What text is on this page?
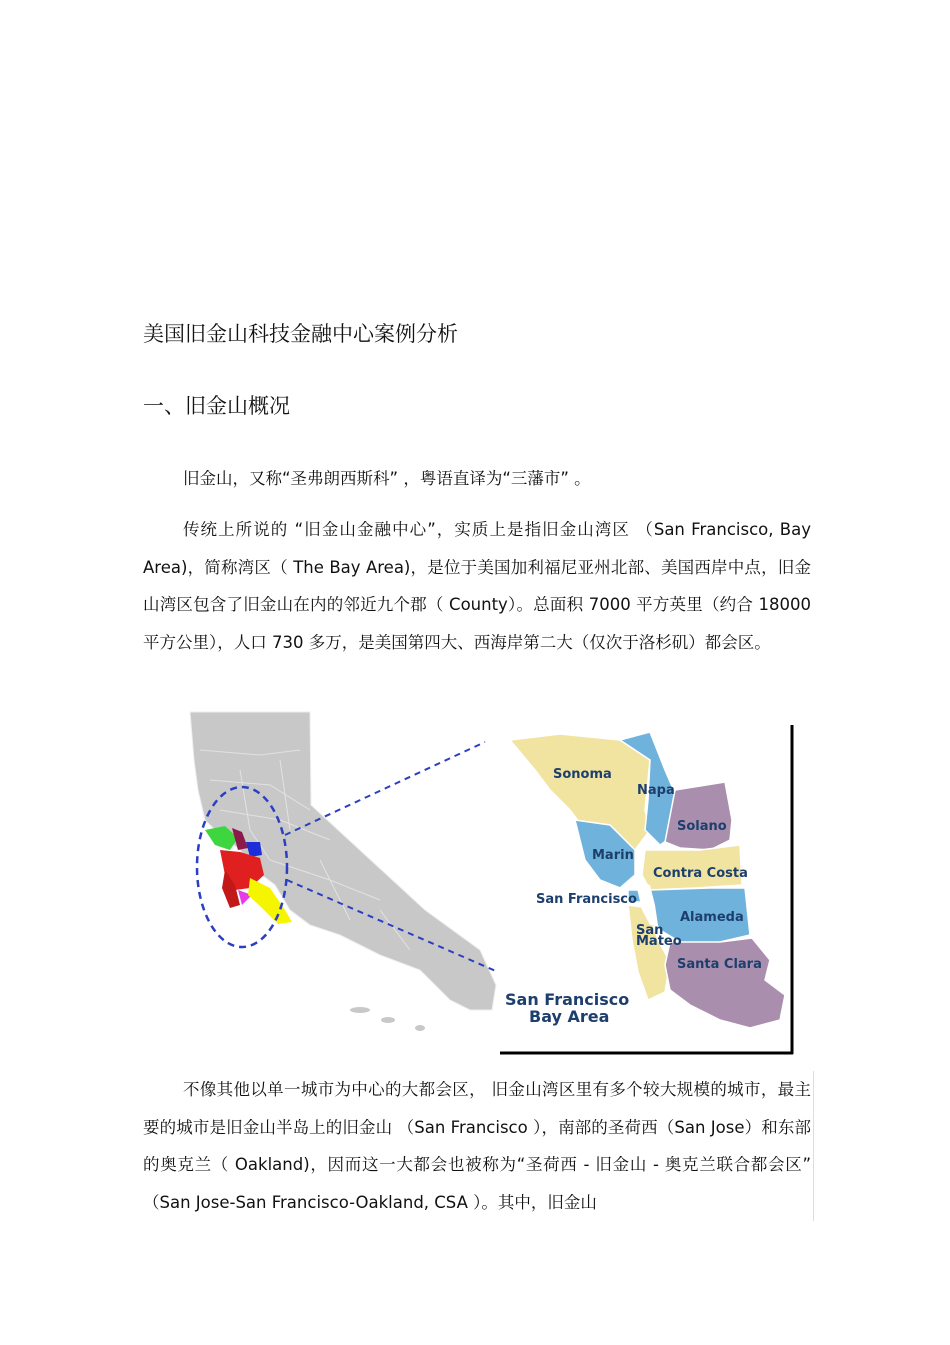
美国旧金山科技金融中心案例分析
一、旧金山概况
旧金山，又称“圣弗朗西斯科” ，粤语直译为“三藩市” 。
传统上所说的 “旧金山金融中心”，实质上是指旧金山湾区 （San Francisco, Bay Area)，简称湾区（ The Bay Area)，是位于美国加利福尼亚州北部、美国西岸中点，旧金山湾区包含了旧金山在内的邻近九个郡（ County）。总面积 7000 平方英里（约合 18000 平方公里），人口 730 多万，是美国第四大、西海岸第二大（仅次于洛杉矶）都会区。
Sonoma
Napa
Solano
Marin
Contra Costa
San Francisco
Alameda
San
Mateo
Santa Clara
San Francisco
Bay Area
不像其他以单一城市为中心的大都会区， 旧金山湾区里有多个较大规模的城市，最主要的城市是旧金山半岛上的旧金山 （San Francisco ），南部的圣荷西（San Jose）和东部的奥克兰（ Oakland)，因而这一大都会也被称为“圣荷西 - 旧金山 - 奥克兰联合都会区” （San Jose-San Francisco-Oakland, CSA ）。其中，旧金山
